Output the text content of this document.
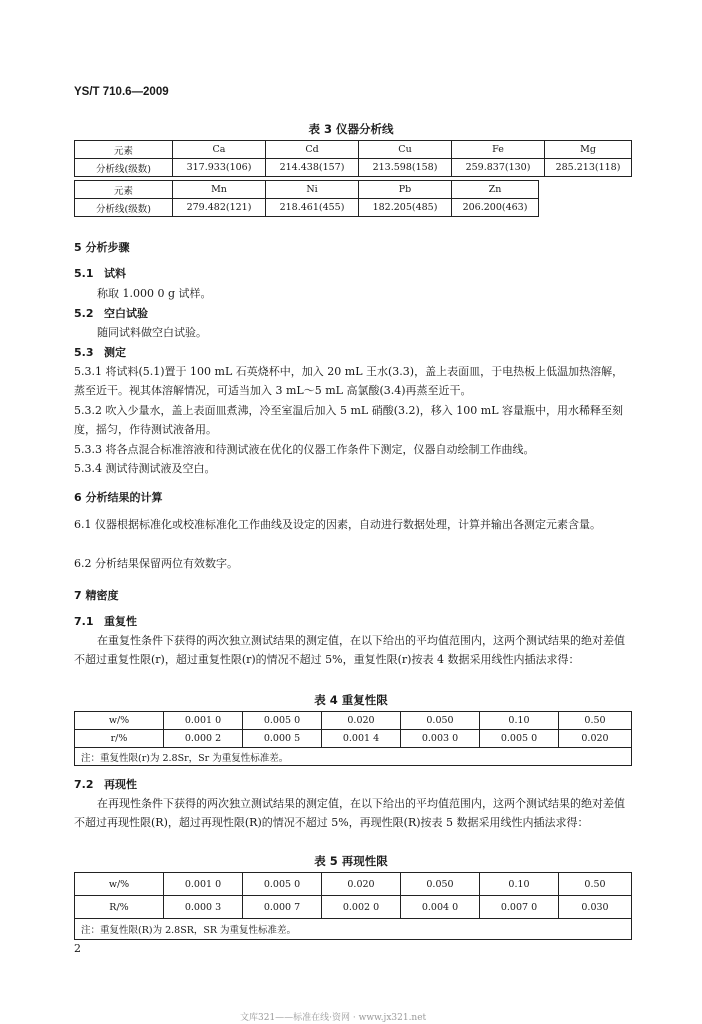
YS/T 710.6—2009
表 3 仪器分析线
元素	Ca	Cd	Cu	Fe	Mg
分析线(级数)	317.933(106)	214.438(157)	213.598(158)	259.837(130)	285.213(118)
元素	Mn	Ni	Pb	Zn
分析线(级数)	279.482(121)	218.461(455)	182.205(485)	206.200(463)
5 分析步骤
5.1 试料
称取 1.000 0 g 试样。
5.2 空白试验
随同试料做空白试验。
5.3 测定
5.3.1 将试料(5.1)置于 100 mL 石英烧杯中，加入 20 mL 王水(3.3)，盖上表面皿，于电热板上低温加热溶解，蒸至近干。视其体溶解情况，可适当加入 3 mL～5 mL 高氯酸(3.4)再蒸至近干。
5.3.2 吹入少量水，盖上表面皿煮沸，冷至室温后加入 5 mL 硝酸(3.2)，移入 100 mL 容量瓶中，用水稀释至刻度，摇匀，作待测试液备用。
5.3.3 将各点混合标准溶液和待测试液在优化的仪器工作条件下测定，仪器自动绘制工作曲线。
5.3.4 测试待测试液及空白。
6 分析结果的计算
6.1 仪器根据标准化或校准标准化工作曲线及设定的因素，自动进行数据处理，计算并输出各测定元素含量。
6.2 分析结果保留两位有效数字。
7 精密度
7.1 重复性
在重复性条件下获得的两次独立测试结果的测定值，在以下给出的平均值范围内，这两个测试结果的绝对差值不超过重复性限(r)，超过重复性限(r)的情况不超过 5%，重复性限(r)按表 4 数据采用线性内插法求得：
表 4 重复性限
w/%	0.001 0	0.005 0	0.020	0.050	0.10	0.50
r/%	0.000 2	0.000 5	0.001 4	0.003 0	0.005 0	0.020
注：重复性限(r)为 2.8Sr，Sr 为重复性标准差。						
7.2 再现性
在再现性条件下获得的两次独立测试结果的测定值，在以下给出的平均值范围内，这两个测试结果的绝对差值不超过再现性限(R)，超过再现性限(R)的情况不超过 5%，再现性限(R)按表 5 数据采用线性内插法求得：
表 5 再现性限
w/%	0.001 0	0.005 0	0.020	0.050	0.10	0.50
R/%	0.000 3	0.000 7	0.002 0	0.004 0	0.007 0	0.030
注：重复性限(R)为 2.8SR，SR 为重复性标准差。						
2
文库321——标准在线·资网 · www.jx321.net
